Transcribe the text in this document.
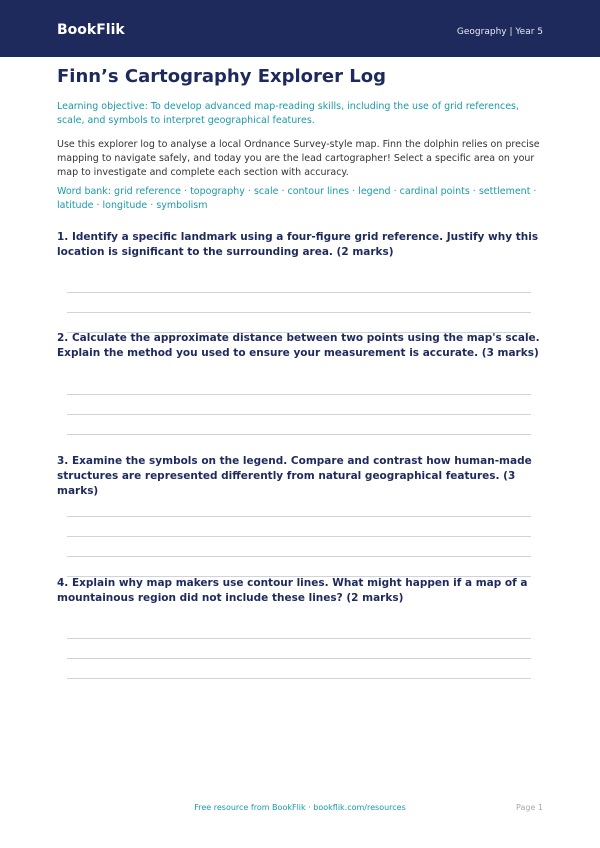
BookFlik	Geography | Year 5
Finn’s Cartography Explorer Log

Learning objective: To develop advanced map-reading skills, including the use of grid references, scale, and symbols to interpret geographical features.

Use this explorer log to analyse a local Ordnance Survey-style map. Finn the dolphin relies on precise mapping to navigate safely, and today you are the lead cartographer! Select a specific area on your map to investigate and complete each section with accuracy.

Word bank: grid reference · topography · scale · contour lines · legend · cardinal points · settlement · latitude · longitude · symbolism

1. Identify a specific landmark using a four-figure grid reference. Justify why this location is significant to the surrounding area. (2 marks)

2. Calculate the approximate distance between two points using the map's scale. Explain the method you used to ensure your measurement is accurate. (3 marks)

3. Examine the symbols on the legend. Compare and contrast how human-made structures are represented differently from natural geographical features. (3 marks)

4. Explain why map makers use contour lines. What might happen if a map of a mountainous region did not include these lines? (2 marks)

Free resource from BookFlik · bookflik.com/resources	Page 1
